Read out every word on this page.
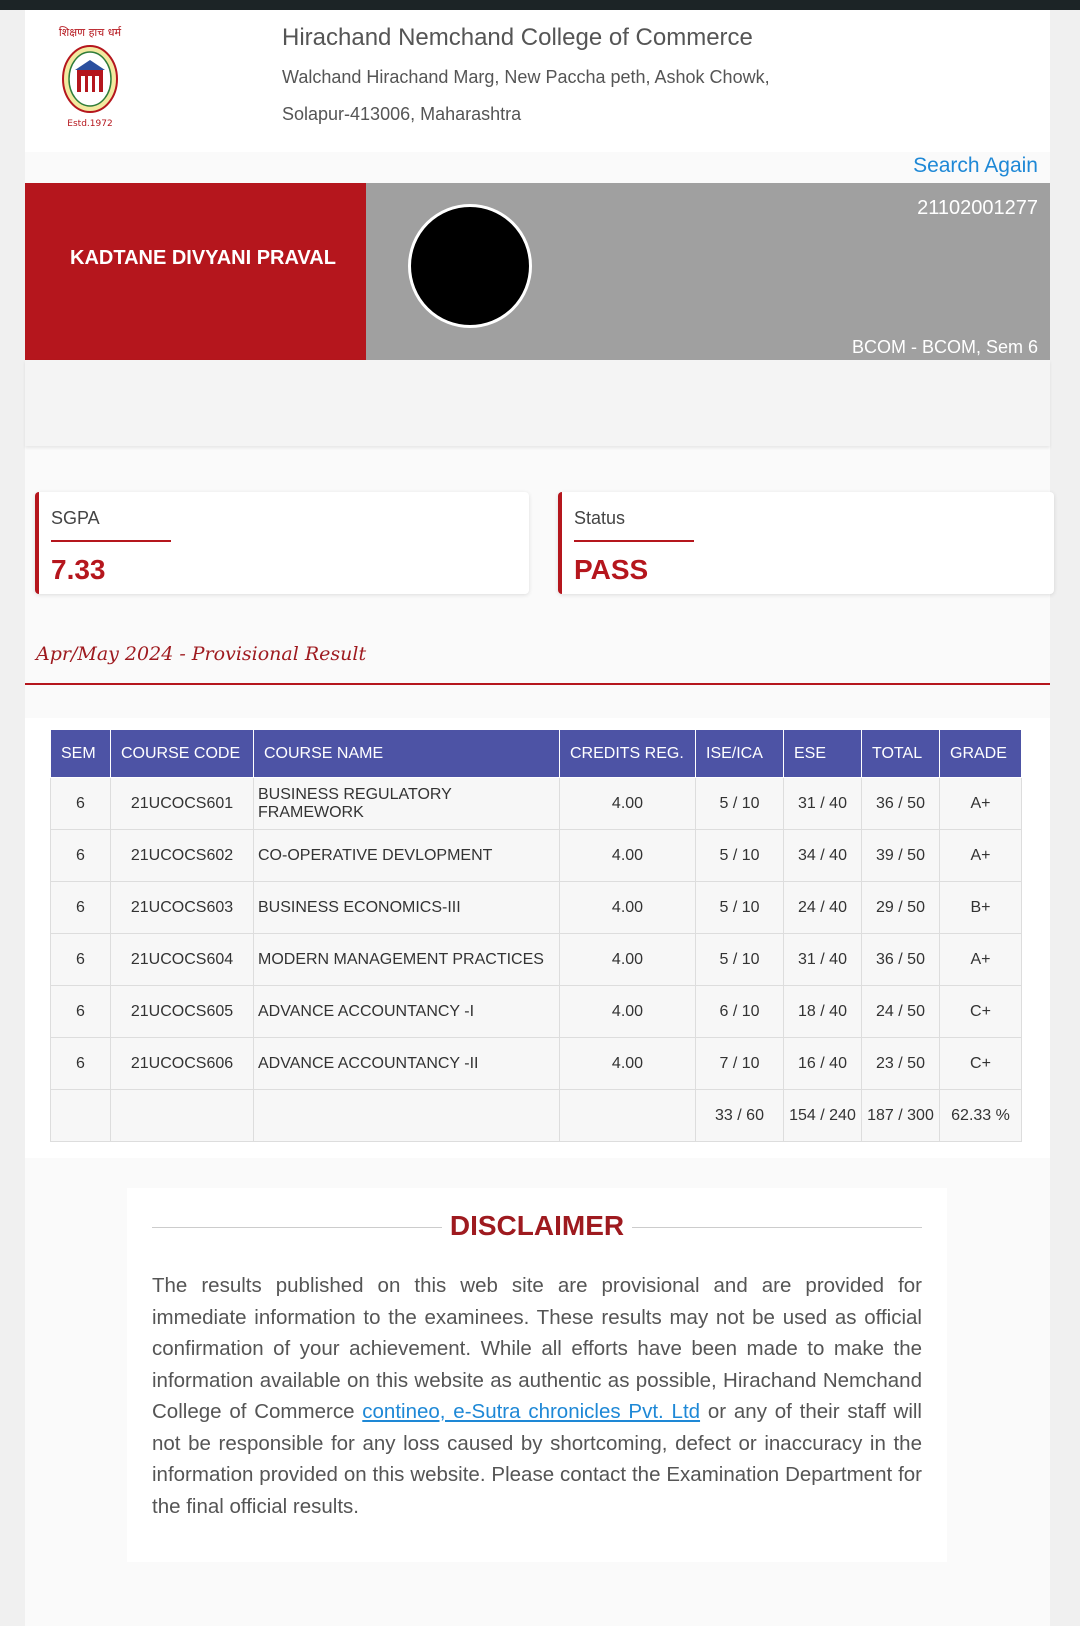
शिक्षण हाच धर्म
Estd.1972
Hirachand Nemchand College of Commerce
Walchand Hirachand Marg, New Paccha peth, Ashok Chowk,
Solapur-413006, Maharashtra
Search Again
KADTANE DIVYANI PRAVAL
21102001277
BCOM - BCOM, Sem 6
SGPA
7.33
Status
PASS
Apr/May 2024 - Provisional Result
SEM	COURSE CODE	COURSE NAME	CREDITS REG.	ISE/ICA	ESE	TOTAL	GRADE
6	21UCOCS601	BUSINESS REGULATORY FRAMEWORK	4.00	5 / 10	31 / 40	36 / 50	A+
6	21UCOCS602	CO-OPERATIVE DEVLOPMENT	4.00	5 / 10	34 / 40	39 / 50	A+
6	21UCOCS603	BUSINESS ECONOMICS-III	4.00	5 / 10	24 / 40	29 / 50	B+
6	21UCOCS604	MODERN MANAGEMENT PRACTICES	4.00	5 / 10	31 / 40	36 / 50	A+
6	21UCOCS605	ADVANCE ACCOUNTANCY -I	4.00	6 / 10	18 / 40	24 / 50	C+
6	21UCOCS606	ADVANCE ACCOUNTANCY -II	4.00	7 / 10	16 / 40	23 / 50	C+
				33 / 60	154 / 240	187 / 300	62.33 %
DISCLAIMER
The results published on this web site are provisional and are provided for immediate information to the examinees. These results may not be used as official confirmation of your achievement. While all efforts have been made to make the information available on this website as authentic as possible, Hirachand Nemchand College of Commerce contineo, e-Sutra chronicles Pvt. Ltd or any of their staff will not be responsible for any loss caused by shortcoming, defect or inaccuracy in the information provided on this website. Please contact the Examination Department for the final official results.
